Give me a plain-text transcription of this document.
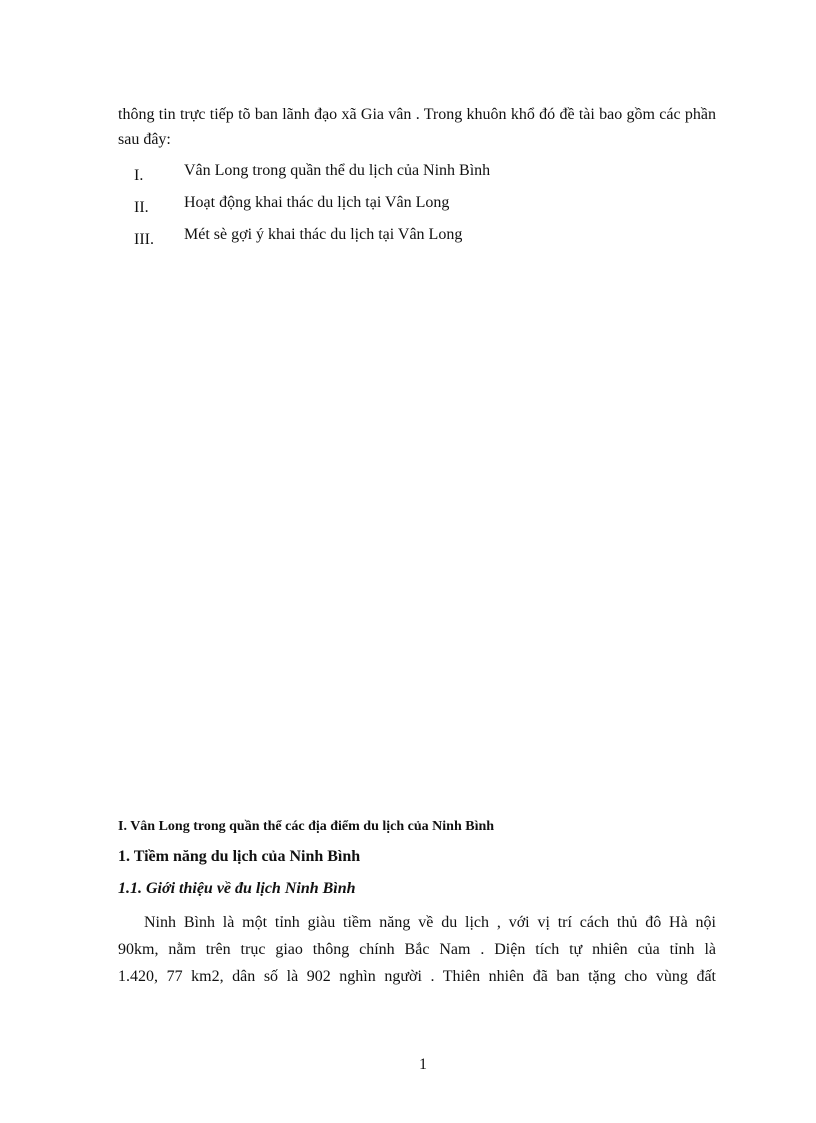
thông tin trực tiếp tõ ban lãnh đạo xã Gia vân . Trong khuôn khổ đó đề tài bao gồm các phần sau đây:

I.	Vân Long trong quần thể du lịch của Ninh Bình
II. Hoạt động khai thác du lịch tại Vân Long
III. Mét sè gợi ý khai thác du lịch tại Vân Long
I. Vân Long trong quần thể các địa điểm du lịch của Ninh Bình
1. Tiềm năng du lịch của Ninh Bình
1.1. Giới thiệu về đu lịch Ninh Bình
Ninh Bình là một tỉnh giàu tiềm năng về du lịch , với vị trí cách thủ đô Hà nội
90km, nằm trên trục giao thông chính Bắc Nam . Diện tích tự nhiên của tỉnh là
1.420, 77 km2, dân số là 902 nghìn người . Thiên nhiên đã ban tặng cho vùng đất
1
